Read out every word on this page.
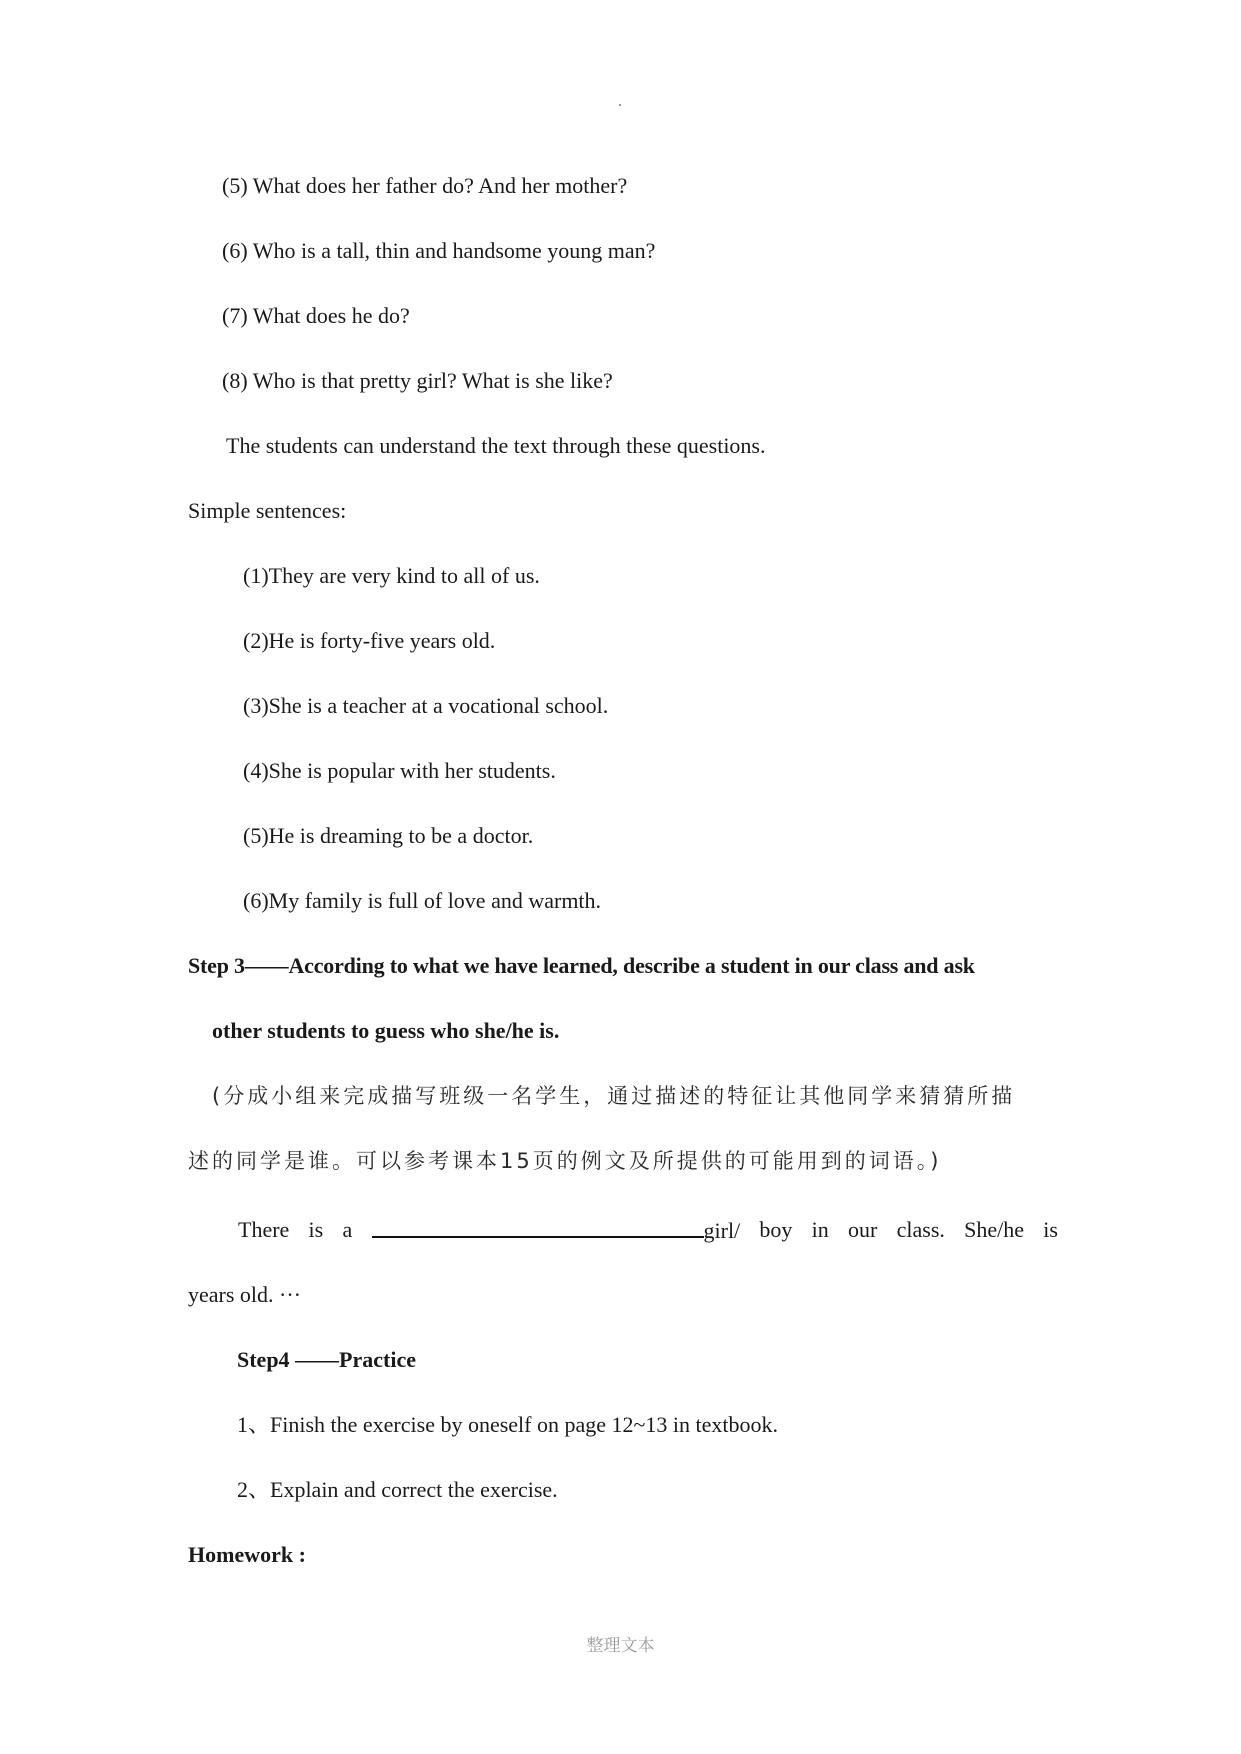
(5) What does her father do? And her mother?
(6) Who is a tall, thin and handsome young man?
(7) What does he do?
(8) Who is that pretty girl? What is she like?
The students can understand the text through these questions.
Simple sentences:
(1)They are very kind to all of us.
(2)He is forty-five years old.
(3)She is a teacher at a vocational school.
(4)She is popular with her students.
(5)He is dreaming to be a doctor.
(6)My family is full of love and warmth.
Step 3——According to what we have learned, describe a student in our class and ask
other students to guess who she/he is.
(分成小组来完成描写班级一名学生，通过描述的特征让其他同学来猜猜所描
述的同学是谁。可以参考课本15页的例文及所提供的可能用到的词语。)
There is a	girl/ boy in our class. She/he is
years old. ···
Step4 ——Practice
1、Finish the exercise by oneself on page 12~13 in textbook.
2、Explain and correct the exercise.
Homework :
整理文本
